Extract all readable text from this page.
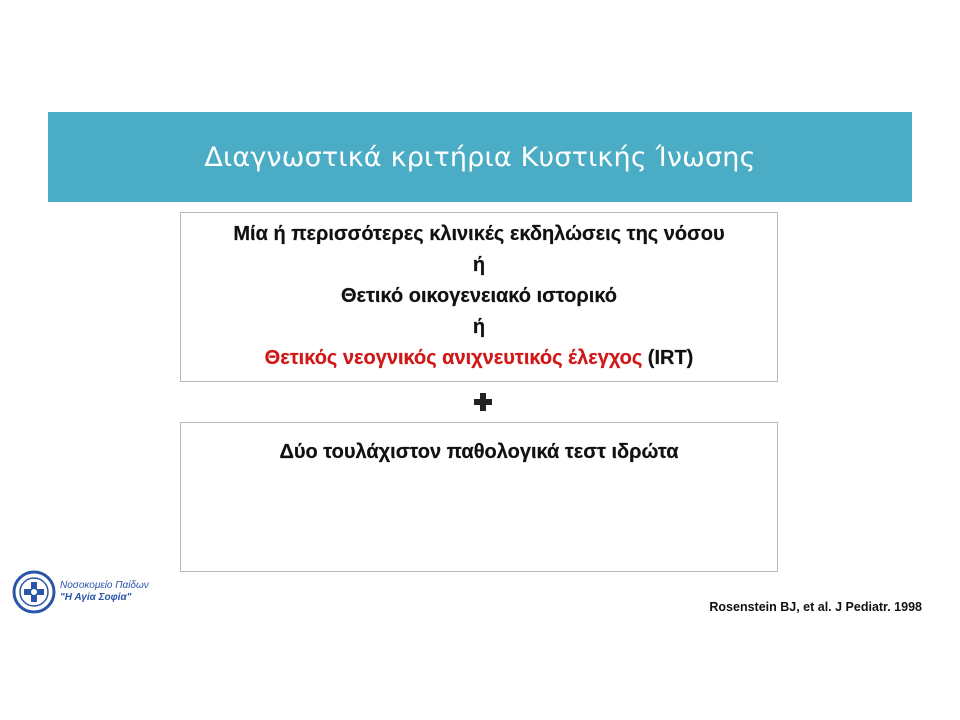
Διαγνωστικά κριτήρια Κυστικής Ίνωσης
Μία ή περισσότερες κλινικές εκδηλώσεις της νόσου
ή
Θετικό οικογενειακό ιστορικό
ή
Θετικός νεογνικός ανιχνευτικός έλεγχος (IRT)
Δύο τουλάχιστον παθολογικά τεστ ιδρώτα
Νοσοκομείο Παίδων
"Η Αγία Σοφία"
Rosenstein BJ, et al. J Pediatr. 1998
